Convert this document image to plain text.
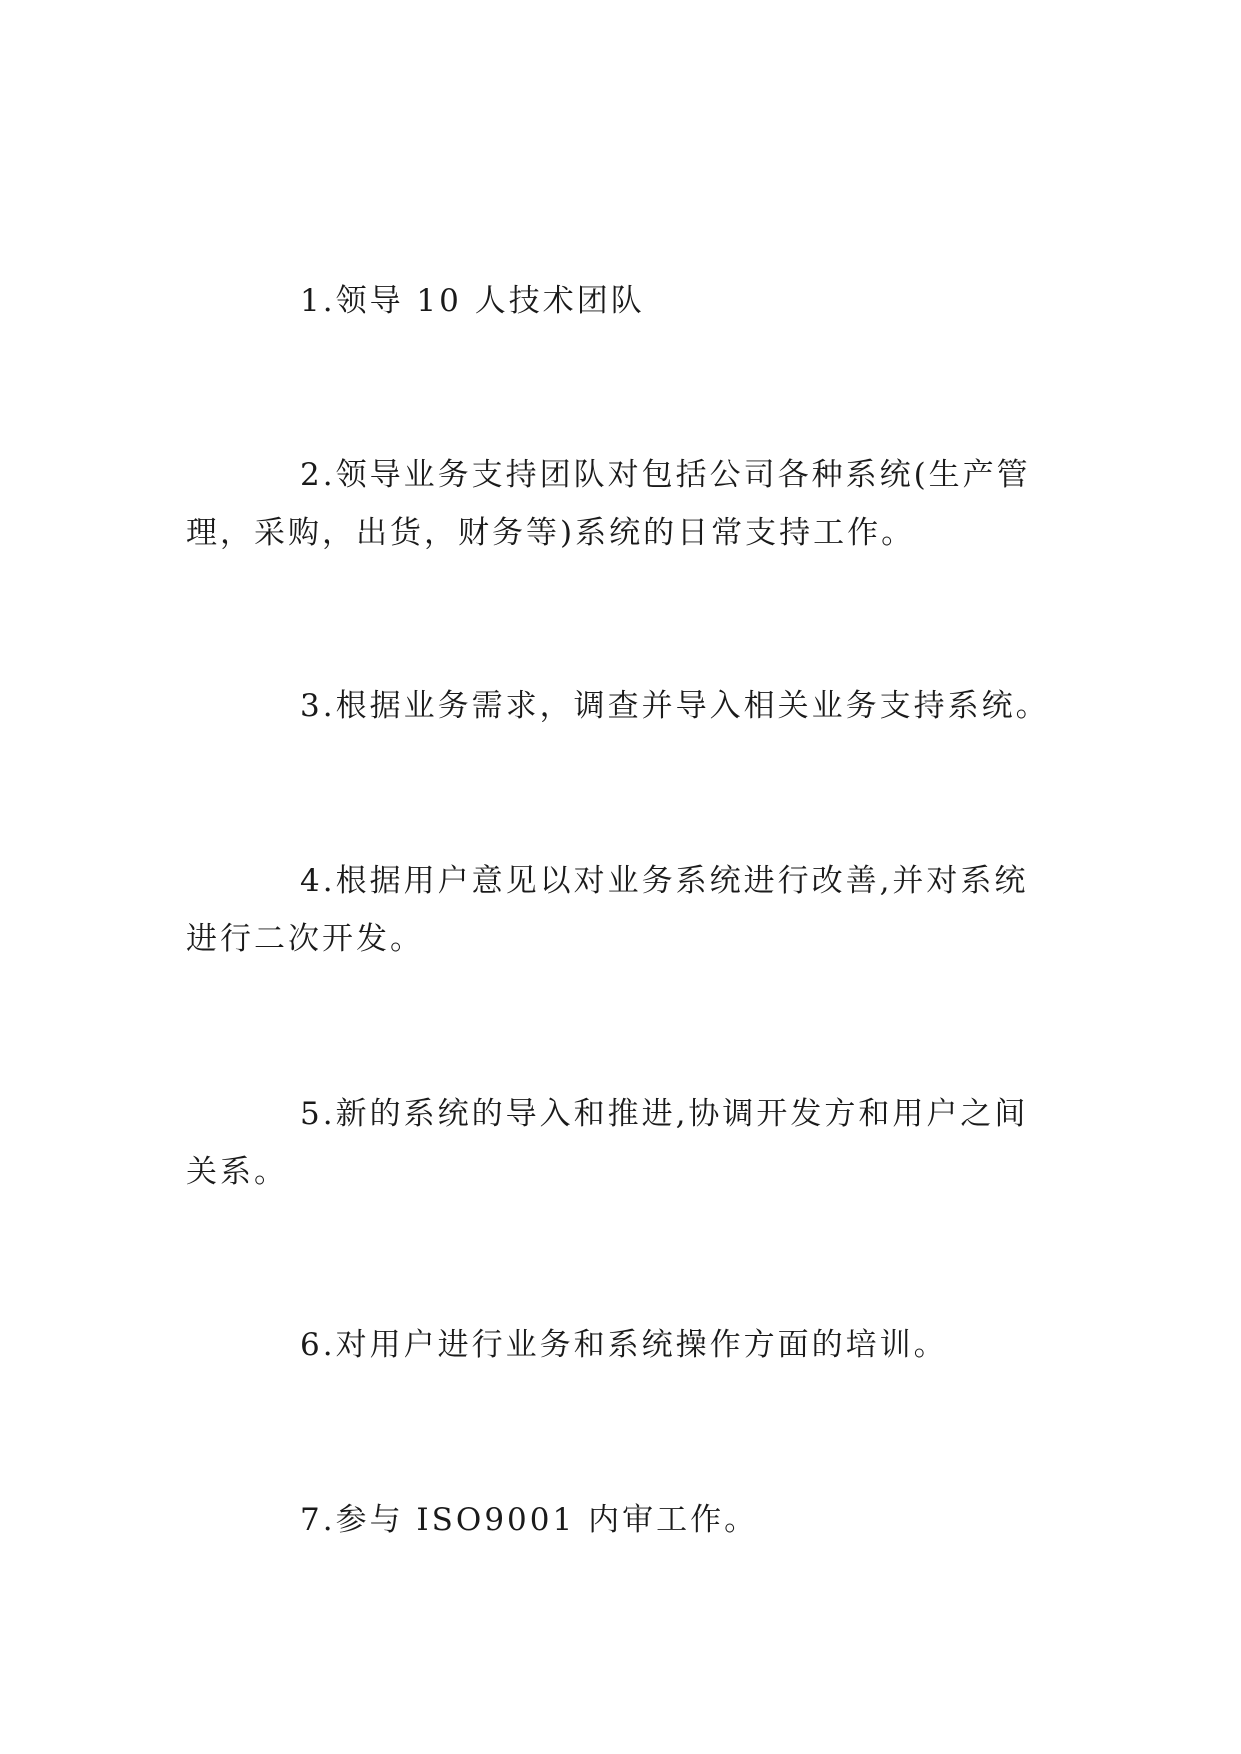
1.领导 10 人技术团队

2.领导业务支持团队对包括公司各种系统(生产管理，采购，出货，财务等)系统的日常支持工作。

3.根据业务需求，调查并导入相关业务支持系统。

4.根据用户意见以对业务系统进行改善,并对系统进行二次开发。

5.新的系统的导入和推进,协调开发方和用户之间关系。

6.对用户进行业务和系统操作方面的培训。

7.参与 ISO9001 内审工作。
